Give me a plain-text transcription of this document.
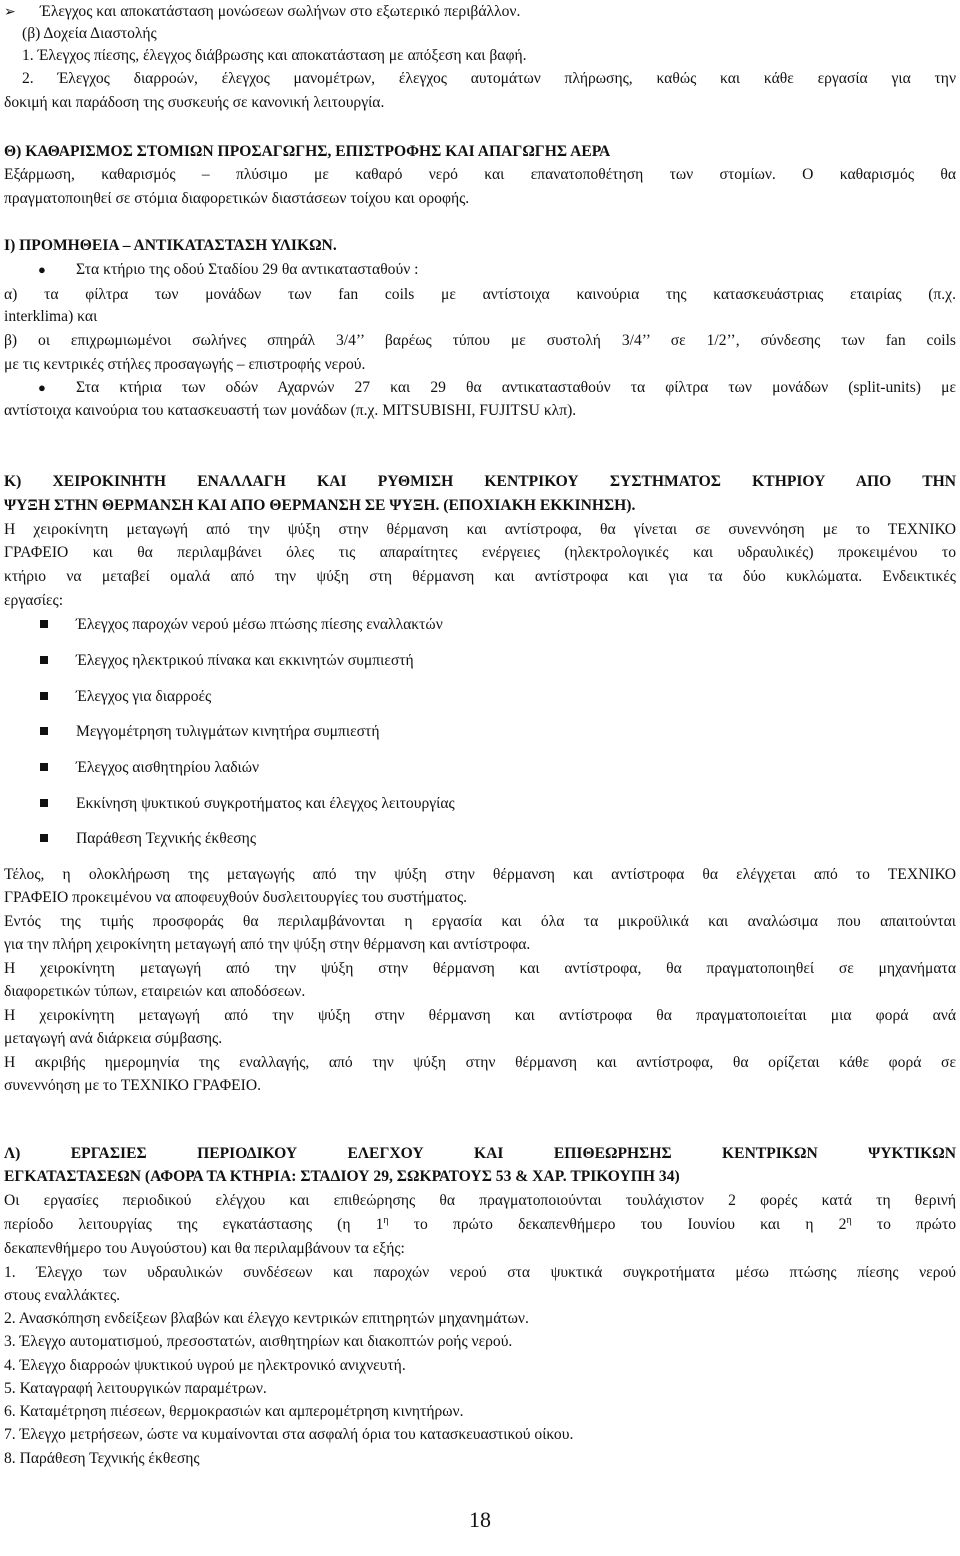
➢ Έλεγχος και αποκατάσταση μονώσεων σωλήνων στο εξωτερικό περιβάλλον.
(β) Δοχεία Διαστολής
1. Έλεγχος πίεσης, έλεγχος διάβρωσης και αποκατάσταση με απόξεση και βαφή.
2. Έλεγχος διαρροών, έλεγχος μανομέτρων, έλεγχος αυτομάτων πλήρωσης, καθώς και κάθε εργασία για την
δοκιμή και παράδοση της συσκευής σε κανονική λειτουργία.
Θ) ΚΑΘΑΡΙΣΜΟΣ ΣΤΟΜΙΩΝ ΠΡΟΣΑΓΩΓΗΣ, ΕΠΙΣΤΡΟΦΗΣ ΚΑΙ ΑΠΑΓΩΓΗΣ ΑΕΡΑ
Εξάρμωση, καθαρισμός – πλύσιμο με καθαρό νερό και επανατοποθέτηση των στομίων. Ο καθαρισμός θα
πραγματοποιηθεί σε στόμια διαφορετικών διαστάσεων τοίχου και οροφής.
Ι) ΠΡΟΜΗΘΕΙΑ – ΑΝΤΙΚΑΤΑΣΤΑΣΗ ΥΛΙΚΩΝ.
● Στα κτήριο της οδού Σταδίου 29 θα αντικατασταθούν :
α) τα φίλτρα των μονάδων των fan coils με αντίστοιχα καινούρια της κατασκευάστριας εταιρίας (π.χ.
interklima) και
β) οι επιχρωμιωμένοι σωλήνες σπηράλ 3/4’’ βαρέως τύπου με συστολή 3/4’’ σε 1/2’’, σύνδεσης των fan coils
με τις κεντρικές στήλες προσαγωγής – επιστροφής νερού.
● Στα κτήρια των οδών Αχαρνών 27 και 29 θα αντικατασταθούν τα φίλτρα των μονάδων (split-units) με
αντίστοιχα καινούρια του κατασκευαστή των μονάδων (π.χ. MITSUBISHI, FUJITSU κλπ).
Κ) ΧΕΙΡΟΚΙΝΗΤΗ ΕΝΑΛΛΑΓΗ ΚΑΙ ΡΥΘΜΙΣΗ ΚΕΝΤΡΙΚΟΥ ΣΥΣΤΗΜΑΤΟΣ ΚΤΗΡΙΟΥ ΑΠΟ ΤΗΝ
ΨΥΞΗ ΣΤΗΝ ΘΕΡΜΑΝΣΗ ΚΑΙ ΑΠΟ ΘΕΡΜΑΝΣΗ ΣΕ ΨΥΞΗ. (ΕΠΟΧΙΑΚΗ ΕΚΚΙΝΗΣΗ).
Η χειροκίνητη μεταγωγή από την ψύξη στην θέρμανση και αντίστροφα, θα γίνεται σε συνεννόηση με το ΤΕΧΝΙΚΟ
ΓΡΑΦΕΙΟ και θα περιλαμβάνει όλες τις απαραίτητες ενέργειες (ηλεκτρολογικές και υδραυλικές) προκειμένου το
κτήριο να μεταβεί ομαλά από την ψύξη στη θέρμανση και αντίστροφα και για τα δύο κυκλώματα. Ενδεικτικές
εργασίες:
Έλεγχος παροχών νερού μέσω πτώσης πίεσης εναλλακτών
Έλεγχος ηλεκτρικού πίνακα και εκκινητών συμπιεστή
Έλεγχος για διαρροές
Μεγγομέτρηση τυλιγμάτων κινητήρα συμπιεστή
Έλεγχος αισθητηρίου λαδιών
Εκκίνηση ψυκτικού συγκροτήματος και έλεγχος λειτουργίας
Παράθεση Τεχνικής έκθεσης
Τέλος, η ολοκλήρωση της μεταγωγής από την ψύξη στην θέρμανση και αντίστροφα θα ελέγχεται από το ΤΕΧΝΙΚΟ
ΓΡΑΦΕΙΟ προκειμένου να αποφευχθούν δυσλειτουργίες του συστήματος.
Εντός της τιμής προσφοράς θα περιλαμβάνονται η εργασία και όλα τα μικροϋλικά και αναλώσιμα που απαιτούνται
για την πλήρη χειροκίνητη μεταγωγή από την ψύξη στην θέρμανση και αντίστροφα.
Η χειροκίνητη μεταγωγή από την ψύξη στην θέρμανση και αντίστροφα, θα πραγματοποιηθεί σε μηχανήματα
διαφορετικών τύπων, εταιρειών και αποδόσεων.
Η χειροκίνητη μεταγωγή από την ψύξη στην θέρμανση και αντίστροφα θα πραγματοποιείται μια φορά ανά
μεταγωγή ανά διάρκεια σύμβασης.
Η ακριβής ημερομηνία της εναλλαγής, από την ψύξη στην θέρμανση και αντίστροφα, θα ορίζεται κάθε φορά σε
συνεννόηση με το ΤΕΧΝΙΚΟ ΓΡΑΦΕΙΟ.
Λ) ΕΡΓΑΣΙΕΣ ΠΕΡΙΟΔΙΚΟΥ ΕΛΕΓΧΟΥ ΚΑΙ ΕΠΙΘΕΩΡΗΣΗΣ ΚΕΝΤΡΙΚΩΝ ΨΥΚΤΙΚΩΝ
ΕΓΚΑΤΑΣΤΑΣΕΩΝ (ΑΦΟΡΑ ΤΑ ΚΤΗΡΙΑ: ΣΤΑΔΙΟΥ 29, ΣΩΚΡΑΤΟΥΣ 53 & ΧΑΡ. ΤΡΙΚΟΥΠΗ 34)
Οι εργασίες περιοδικού ελέγχου και επιθεώρησης θα πραγματοποιούνται τουλάχιστον 2 φορές κατά τη θερινή
περίοδο λειτουργίας της εγκατάστασης (η $1^\eta$ το πρώτο δεκαπενθήμερο του Ιουνίου και η $2^\eta$ το πρώτο
δεκαπενθήμερο του Αυγούστου) και θα περιλαμβάνουν τα εξής:
1. Έλεγχο των υδραυλικών συνδέσεων και παροχών νερού στα ψυκτικά συγκροτήματα μέσω πτώσης πίεσης νερού
στους εναλλάκτες.
2. Ανασκόπηση ενδείξεων βλαβών και έλεγχο κεντρικών επιτηρητών μηχανημάτων.
3. Έλεγχο αυτοματισμού, πρεσοστατών, αισθητηρίων και διακοπτών ροής νερού.
4. Έλεγχο διαρροών ψυκτικού υγρού με ηλεκτρονικό ανιχνευτή.
5. Καταγραφή λειτουργικών παραμέτρων.
6. Καταμέτρηση πιέσεων, θερμοκρασιών και αμπερομέτρηση κινητήρων.
7. Έλεγχο μετρήσεων, ώστε να κυμαίνονται στα ασφαλή όρια του κατασκευαστικού οίκου.
8. Παράθεση Τεχνικής έκθεσης
18
